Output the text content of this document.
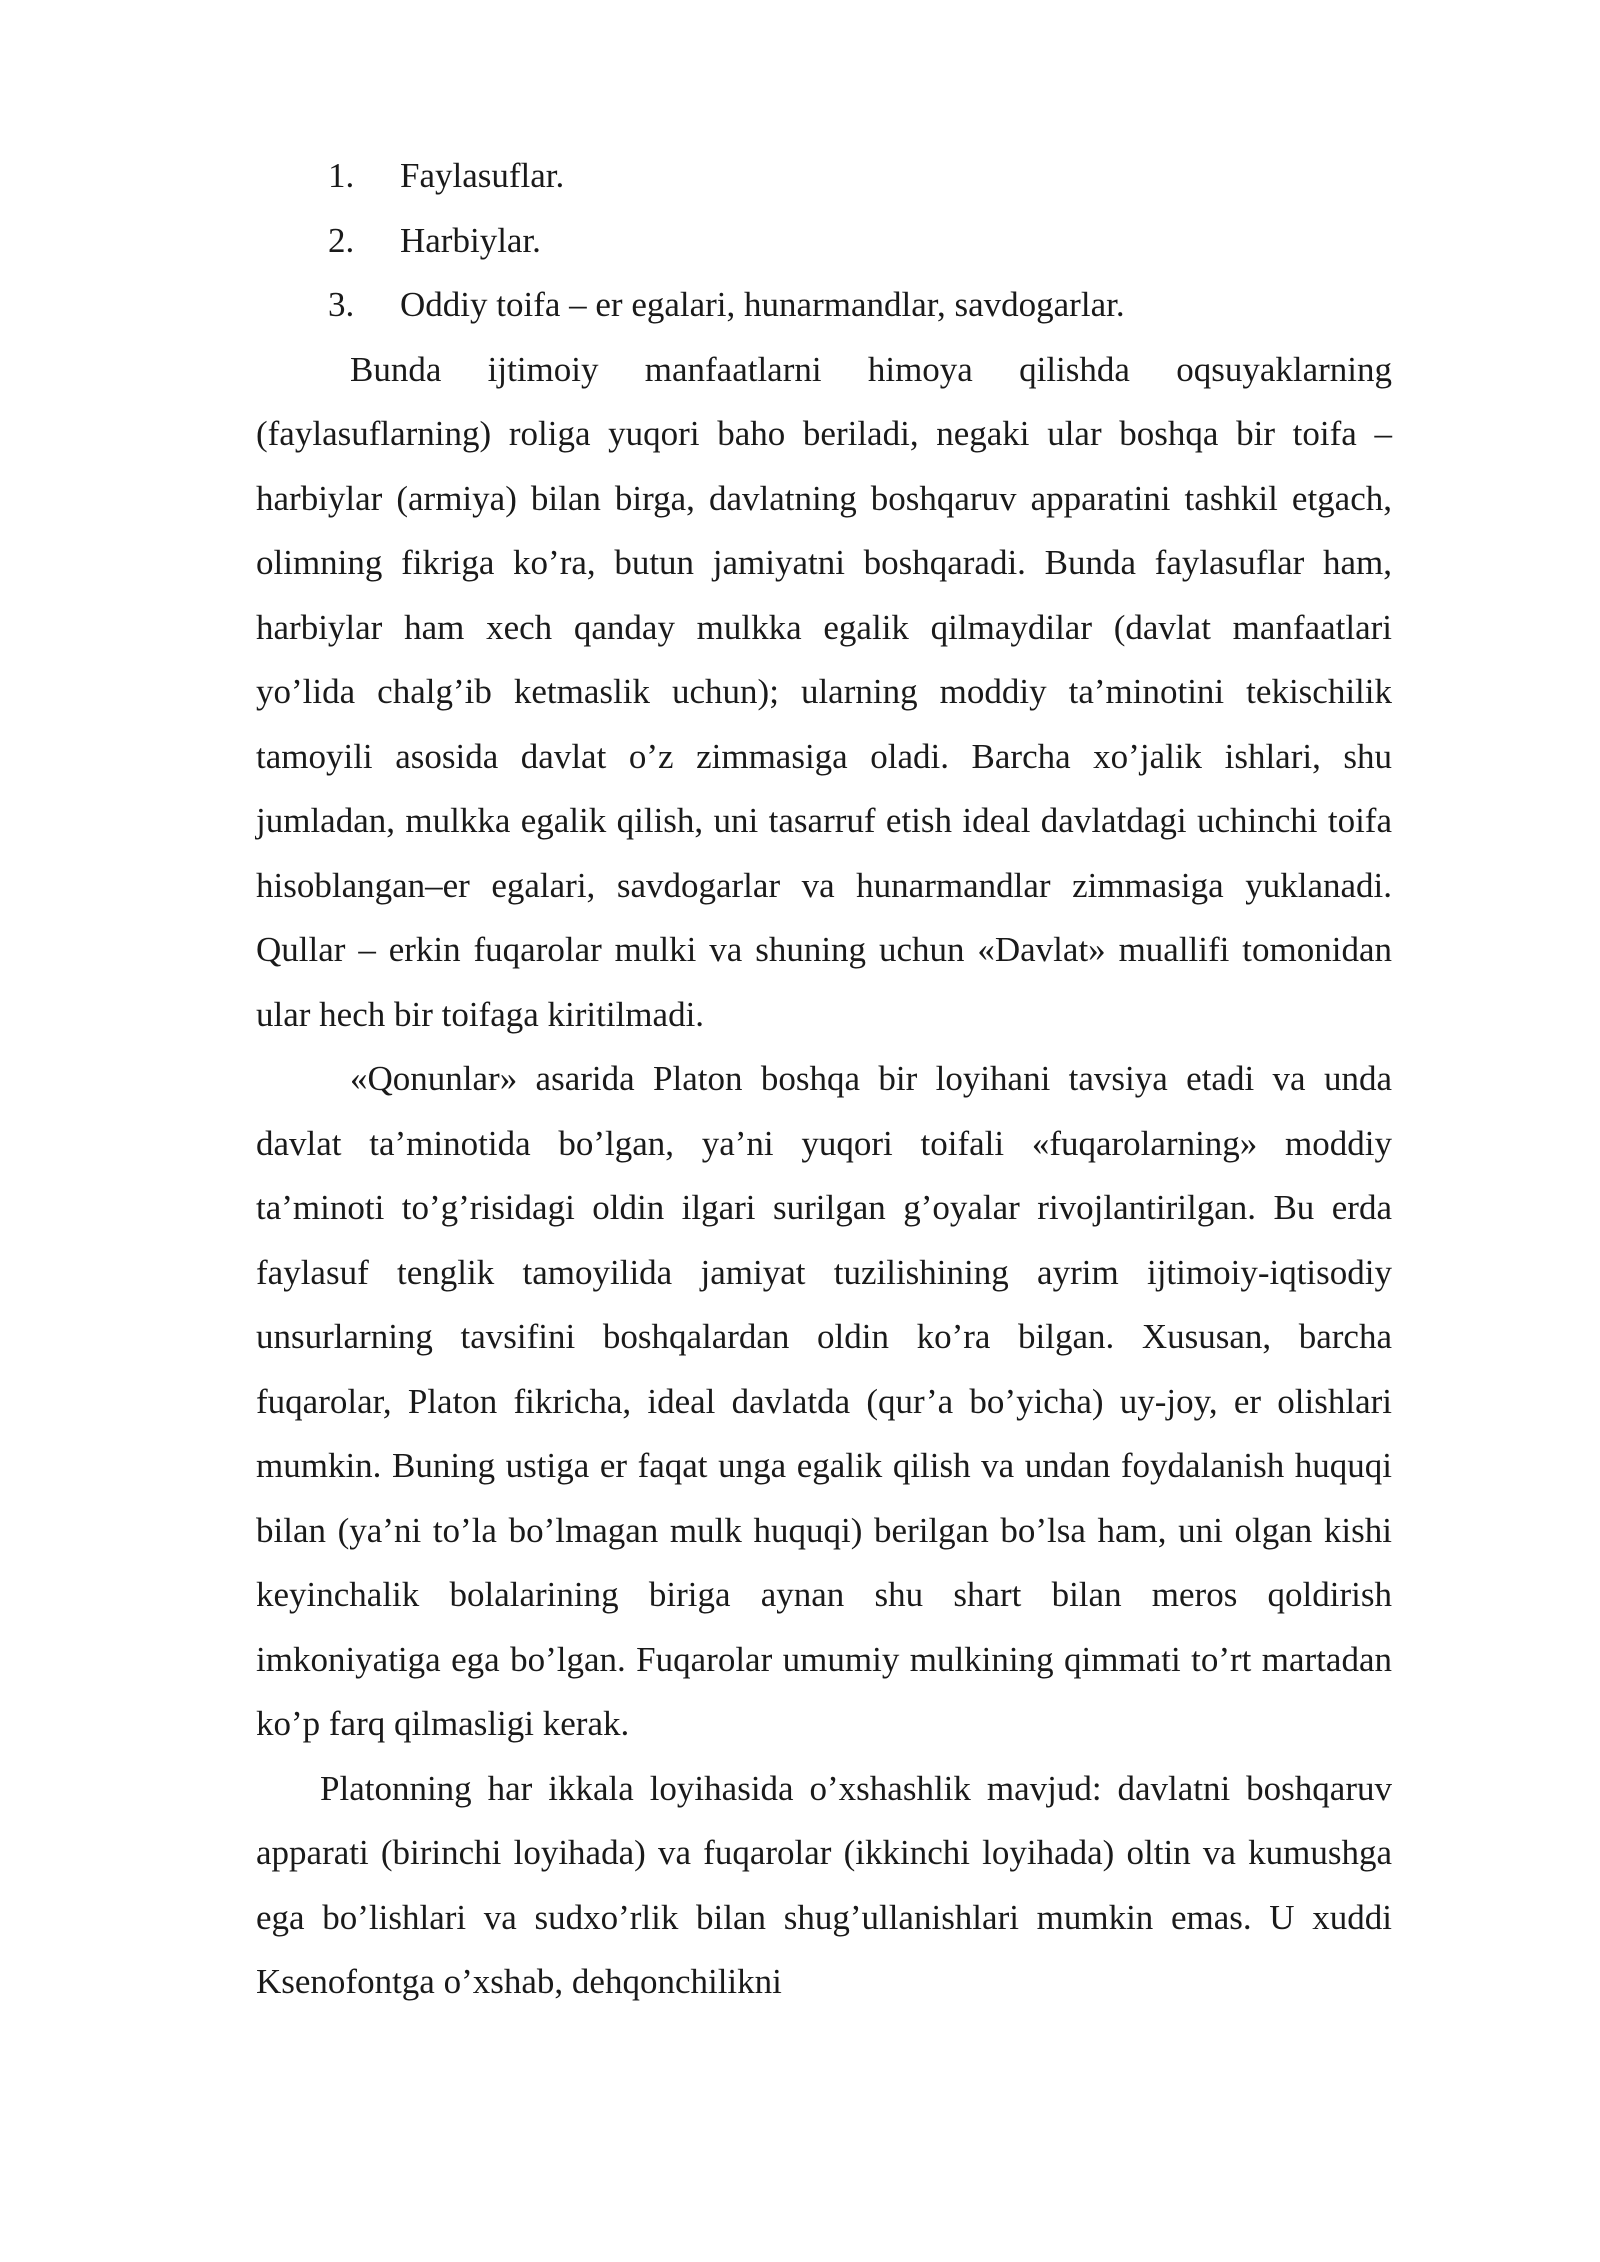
1.	Faylasuflar.
2.	Harbiylar.
3.	Oddiy toifa – er egalari, hunarmandlar, savdogarlar.

Bunda ijtimoiy manfaatlarni himoya qilishda oqsuyaklarning (faylasuflarning) roliga yuqori baho beriladi, negaki ular boshqa bir toifa – harbiylar (armiya) bilan birga, davlatning boshqaruv apparatini tashkil etgach, olimning fikriga ko’ra, butun jamiyatni boshqaradi. Bunda faylasuflar ham, harbiylar ham xech qanday mulkka egalik qilmaydilar (davlat manfaatlari yo’lida chalg’ib ketmaslik uchun); ularning moddiy ta’minotini tekischilik tamoyili asosida davlat o’z zimmasiga oladi. Barcha xo’jalik ishlari, shu jumladan, mulkka egalik qilish, uni tasarruf etish ideal davlatdagi uchinchi toifa hisoblangan–er egalari, savdogarlar va hunarmandlar zimmasiga yuklanadi. Qullar – erkin fuqarolar mulki va shuning uchun «Davlat» muallifi tomonidan ular hech bir toifaga kiritilmadi.

«Qonunlar» asarida Platon boshqa bir loyihani tavsiya etadi va unda davlat ta’minotida bo’lgan, ya’ni yuqori toifali «fuqarolarning» moddiy ta’minoti to’g’risidagi oldin ilgari surilgan g’oyalar rivojlantirilgan. Bu erda faylasuf tenglik tamoyilida jamiyat tuzilishining ayrim ijtimoiy-iqtisodiy unsurlarning tavsifini boshqalardan oldin ko’ra bilgan. Xususan, barcha fuqarolar, Platon fikricha, ideal davlatda (qur’a bo’yicha) uy-joy, er olishlari mumkin. Buning ustiga er faqat unga egalik qilish va undan foydalanish huquqi bilan (ya’ni to’la bo’lmagan mulk huquqi) berilgan bo’lsa ham, uni olgan kishi keyinchalik bolalarining biriga aynan shu shart bilan meros qoldirish imkoniyatiga ega bo’lgan. Fuqarolar umumiy mulkining qimmati to’rt martadan ko’p farq qilmasligi kerak.

Platonning har ikkala loyihasida o’xshashlik mavjud: davlatni boshqaruv apparati (birinchi loyihada) va fuqarolar (ikkinchi loyihada) oltin va kumushga ega bo’lishlari va sudxo’rlik bilan shug’ullanishlari mumkin emas. U xuddi Ksenofontga o’xshab, dehqonchilikni
